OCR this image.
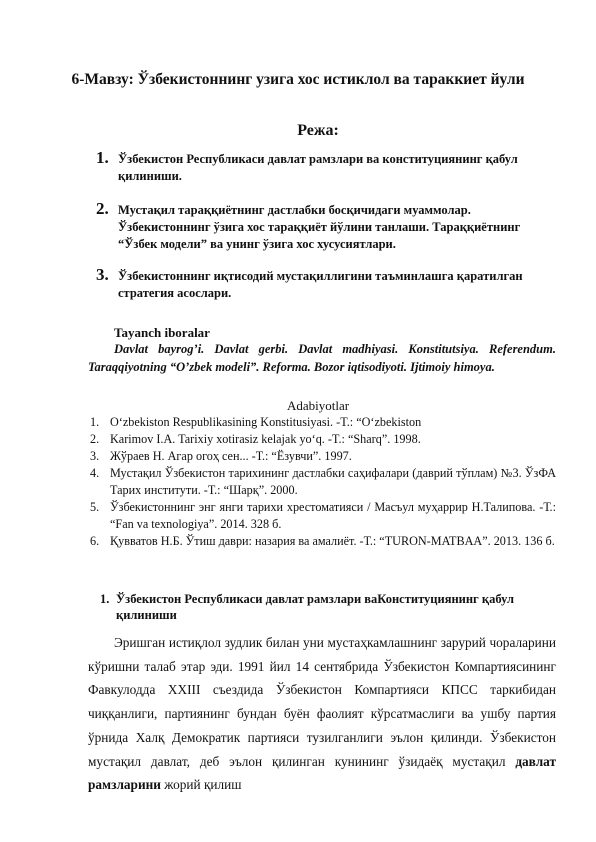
6-Мавзу: Ўзбекистоннинг узига хос истиклол ва тараккиет йули
Режа:
1. Ўзбекистон Республикаси давлат рамзлари ва конституциянинг қабул қилиниши.
2. Мустақил тараққиётнинг дастлабки босқичидаги муаммолар. Ўзбекистоннинг ўзига хос тараққиёт йўлини танлаши. Тараққиётнинг “Ўзбек модели” ва унинг ўзига хос хусусиятлари.
3. Ўзбекистоннинг иқтисодий мустақиллигини таъминлашга қаратилган стратегия асослари.
Tayanch iboralar
Davlat bayrog’i. Davlat gerbi. Davlat madhiyasi. Konstitutsiya. Referendum. Taraqqiyotning “O’zbek modeli”. Reforma. Bozor iqtisodiyoti. Ijtimoiy himoya.
Adabiyotlar
1. O‘zbekiston Respublikasining Konstitusiyasi. -T.: “O‘zbekiston
2. Karimov I.A. Tarixiy xotirasiz kelajak yo‘q. -T.: “Sharq”. 1998.
3. Жўраев Н. Агар огоҳ сен... -Т.: “Ёзувчи”. 1997.
4. Мустақил Ўзбекистон тарихининг дастлабки саҳифалари (даврий тўплам) №3. ЎзФА Тарих институти. -Т.: “Шарқ”. 2000.
5. Ўзбекистоннинг энг янги тарихи хрестоматияси / Масъул муҳаррир Н.Талипова. -Т.: “Fan va texnologiya”. 2014. 328 б.
6. Қувватов Н.Б. Ўтиш даври: назария ва амалиёт. -Т.: “TURON-MATBAA”. 2013. 136 б.
1. Ўзбекистон Республикаси давлат рамзлари ваКонституциянинг қабул қилиниши
Эришган истиқлол зудлик билан уни мустаҳкамлашнинг зарурий чораларини кўришни талаб этар эди. 1991 йил 14 сентябрида Ўзбекистон Компартиясининг Фавкулодда XXIII съездида Ўзбекистон Компартияси КПСС таркибидан чиққанлиги, партиянинг бундан буён фаолият кўрсатмаслиги ва ушбу партия ўрнида Халқ Демократик партияси тузилганлиги эълон қилинди. Ўзбекистон мустақил давлат, деб эълон қилинган кунининг ўзидаёқ мустақил давлат рамзларини жорий қилиш
